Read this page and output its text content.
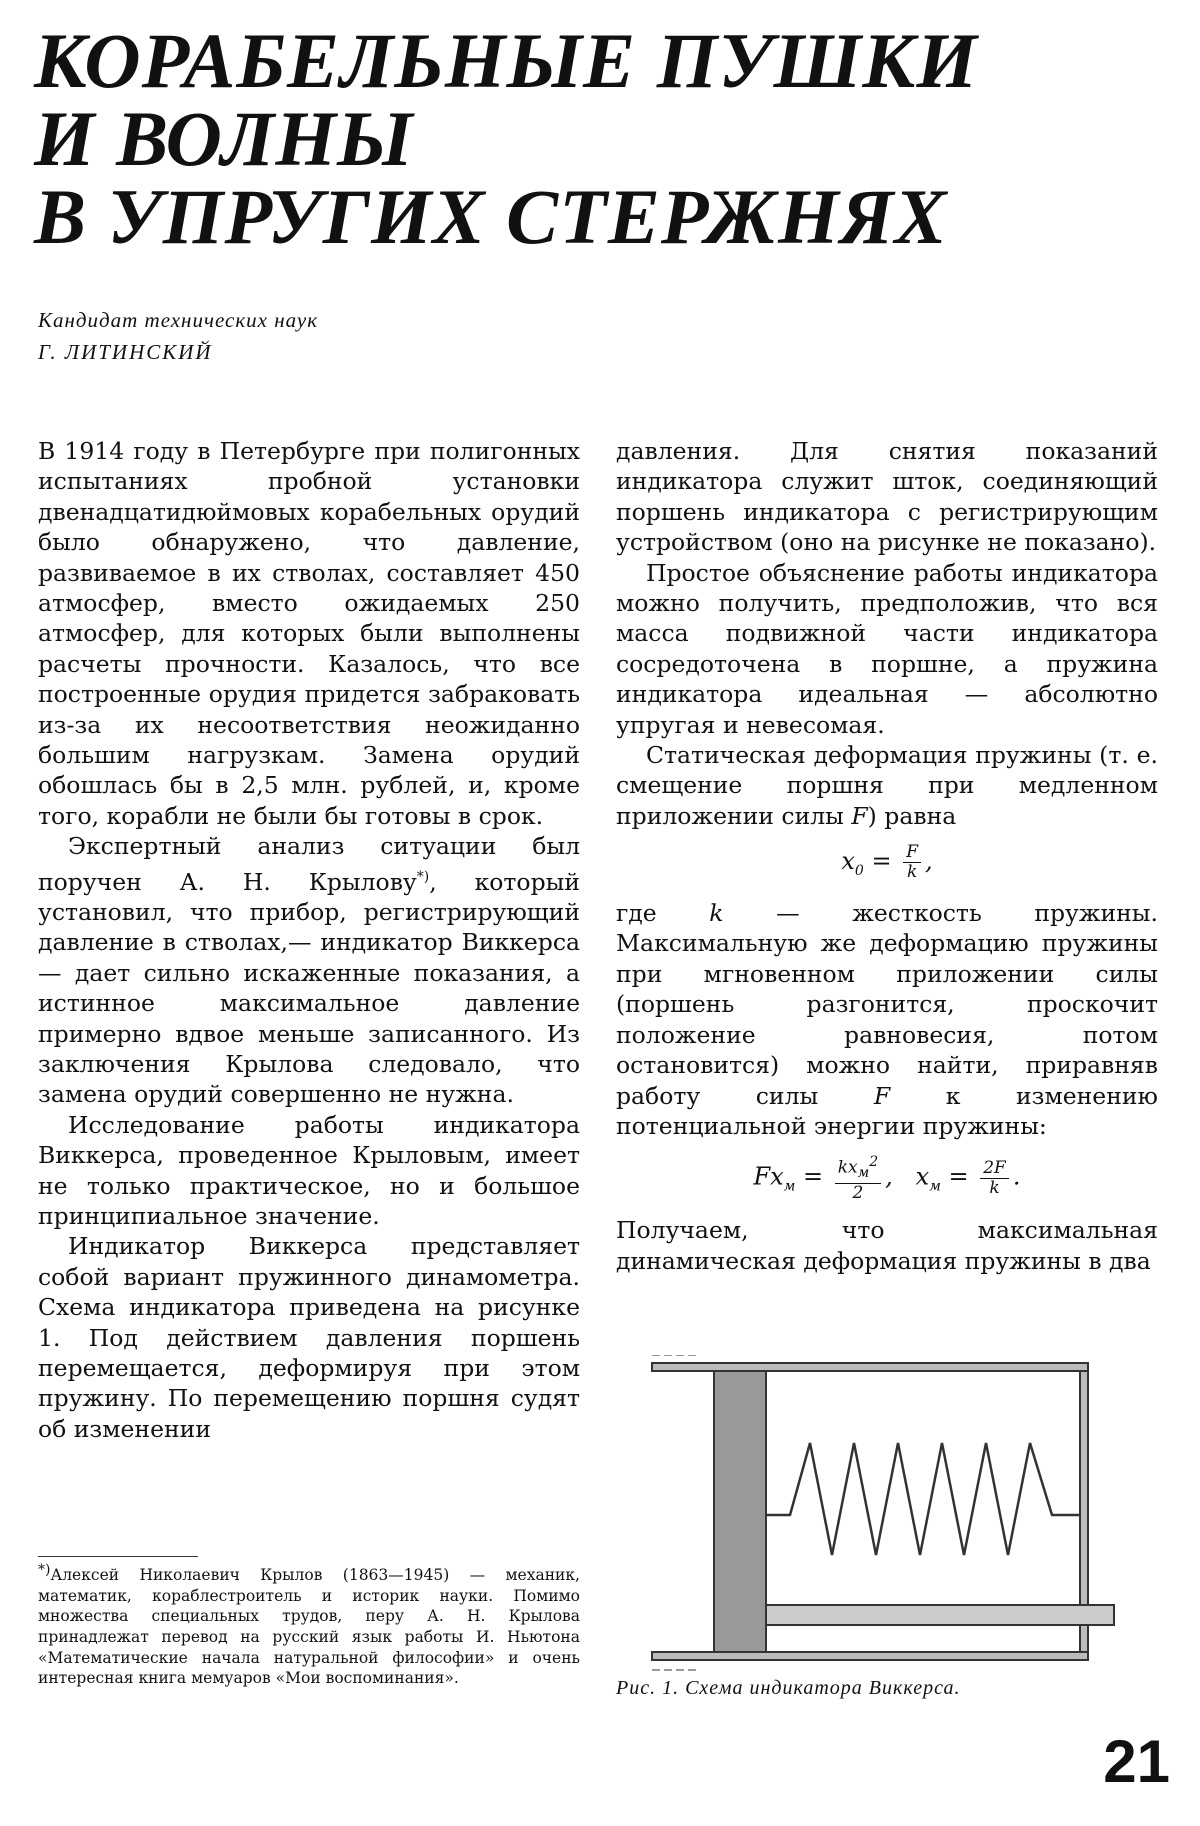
КОРАБЕЛЬНЫЕ ПУШКИ
И ВОЛНЫ
В УПРУГИХ СТЕРЖНЯХ
Кандидат технических наук
Г. ЛИТИНСКИЙ

В 1914 году в Петербурге при полигонных испытаниях пробной установки двенадцатидюймовых корабельных орудий было обнаружено, что давление, развиваемое в их стволах, составляет 450 атмосфер, вместо ожидаемых 250 атмосфер, для которых были выполнены расчеты прочности. Казалось, что все построенные орудия придется забраковать из-за их несоответствия неожиданно большим нагрузкам. Замена орудий обошлась бы в 2,5 млн. рублей, и, кроме того, корабли не были бы готовы в срок.

Экспертный анализ ситуации был поручен А. Н. Крылову*), который установил, что прибор, регистрирующий давление в стволах,— индикатор Виккерса — дает сильно искаженные показания, а истинное максимальное давление примерно вдвое меньше записанного. Из заключения Крылова следовало, что замена орудий совершенно не нужна.

Исследование работы индикатора Виккерса, проведенное Крыловым, имеет не только практическое, но и большое принципиальное значение.

Индикатор Виккерса представляет собой вариант пружинного динамометра. Схема индикатора приведена на рисунке 1. Под действием давления поршень перемещается, деформируя при этом пружину. По перемещению поршня судят об изменении

давления. Для снятия показаний индикатора служит шток, соединяющий поршень индикатора с регистрирующим устройством (оно на рисунке не показано).

Простое объяснение работы индикатора можно получить, предположив, что вся масса подвижной части индикатора сосредоточена в поршне, а пружина индикатора идеальная — абсолютно упругая и невесомая.

Статическая деформация пружины (т. е. смещение поршня при медленном приложении силы F) равна

$x_0 = \frac{F}{k}$ ,

где k — жесткость пружины. Максимальную же деформацию пружины при мгновенном приложении силы (поршень разгонится, проскочит положение равновесия, потом остановится) можно найти, приравняв работу силы F к изменению потенциальной энергии пружины:

$Fx_м = \frac{kx_м^2}{2}$ , $x_м = \frac{2F}{k}$ .

Получаем, что максимальная динамическая деформация пружины в два

*)Алексей Николаевич Крылов (1863—1945) — механик, математик, кораблестроитель и историк науки. Помимо множества специальных трудов, перу А. Н. Крылова принадлежат перевод на русский язык работы И. Ньютона «Математические начала натуральной философии» и очень интересная книга мемуаров «Мои воспоминания».	Рис. 1. Схема индикатора Виккерса.
21
